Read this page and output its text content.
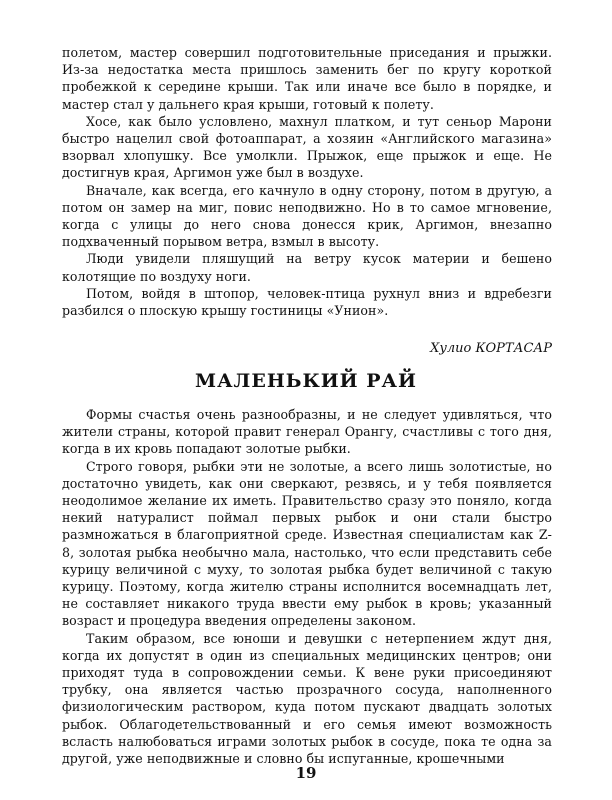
полетом, мастер совершил подготовительные приседания и прыжки. Из-за недостатка места пришлось заменить бег по кругу короткой пробежкой к середине крыши. Так или иначе все было в порядке, и мастер стал у дальнего края крыши, готовый к полету.

Хосе, как было условлено, махнул платком, и тут сеньор Марони быстро нацелил свой фотоаппарат, а хозяин «Английского магазина» взорвал хлопушку. Все умолкли. Прыжок, еще прыжок и еще. Не достигнув края, Аргимон уже был в воздухе.

Вначале, как всегда, его качнуло в одну сторону, потом в другую, а потом он замер на миг, повис неподвижно. Но в то самое мгновение, когда с улицы до него снова донесся крик, Аргимон, внезапно подхваченный порывом ветра, взмыл в высоту.

Люди увидели пляшущий на ветру кусок материи и бешено колотящие по воздуху ноги.

Потом, войдя в штопор, человек-птица рухнул вниз и вдребезги разбился о плоскую крышу гостиницы «Унион».

Хулио КОРТАСАР

МАЛЕНЬКИЙ РАЙ

Формы счастья очень разнообразны, и не следует удивляться, что жители страны, которой правит генерал Орангу, счастливы с того дня, когда в их кровь попадают золотые рыбки.

Строго говоря, рыбки эти не золотые, а всего лишь золотистые, но достаточно увидеть, как они сверкают, резвясь, и у тебя появляется неодолимое желание их иметь. Правительство сразу это поняло, когда некий натуралист поймал первых рыбок и они стали быстро размножаться в благоприятной среде. Известная специалистам как Z-8, золотая рыбка необычно мала, настолько, что если представить себе курицу величиной с муху, то золотая рыбка будет величиной с такую курицу. Поэтому, когда жителю страны исполнится восемнадцать лет, не составляет никакого труда ввести ему рыбок в кровь; указанный возраст и процедура введения определены законом.

Таким образом, все юноши и девушки с нетерпением ждут дня, когда их допустят в один из специальных медицинских центров; они приходят туда в сопровождении семьи. К вене руки присоединяют трубку, она является частью прозрачного сосуда, наполненного физиологическим раствором, куда потом пускают двадцать золотых рыбок. Облагодетельствованный и его семья имеют возможность всласть налюбоваться играми золотых рыбок в сосуде, пока те одна за другой, уже неподвижные и словно бы испуганные, крошечными

19
